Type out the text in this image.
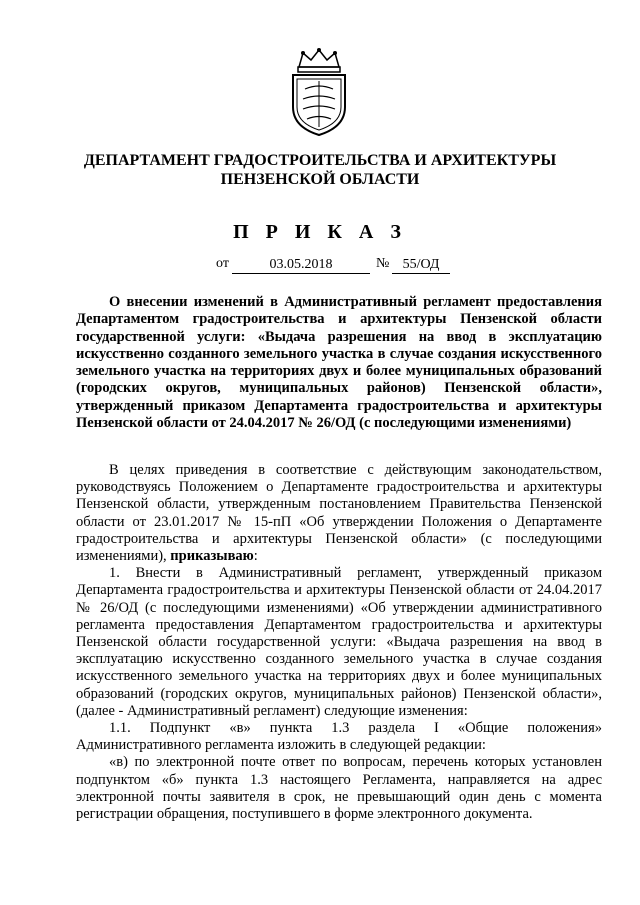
ДЕПАРТАМЕНТ ГРАДОСТРОИТЕЛЬСТВА И АРХИТЕКТУРЫ
ПЕНЗЕНСКОЙ ОБЛАСТИ
П Р И К А З
от	03.05.2018	№ 55/ОД
О внесении изменений в Административный регламент предоставления Департаментом градостроительства и архитектуры Пензенской области государственной услуги: «Выдача разрешения на ввод в эксплуатацию искусственно созданного земельного участка в случае создания искусственного земельного участка на территориях двух и более муниципальных образований (городских округов, муниципальных районов) Пензенской области», утвержденный приказом Департамента градостроительства и архитектуры Пензенской области от 24.04.2017 № 26/ОД (с последующими изменениями)

В целях приведения в соответствие с действующим законодательством, руководствуясь Положением о Департаменте градостроительства и архитектуры Пензенской области, утвержденным постановлением Правительства Пензенской области от 23.01.2017 № 15-пП «Об утверждении Положения о Департаменте градостроительства и архитектуры Пензенской области» (с последующими изменениями), приказываю:

1. Внести в Административный регламент, утвержденный приказом Департамента градостроительства и архитектуры Пензенской области от 24.04.2017 № 26/ОД (с последующими изменениями) «Об утверждении административного регламента предоставления Департаментом градостроительства и архитектуры Пензенской области государственной услуги: «Выдача разрешения на ввод в эксплуатацию искусственно созданного земельного участка в случае создания искусственного земельного участка на территориях двух и более муниципальных образований (городских округов, муниципальных районов) Пензенской области», (далее - Административный регламент) следующие изменения:

1.1. Подпункт «в» пункта 1.3 раздела I «Общие положения» Административного регламента изложить в следующей редакции:

«в) по электронной почте ответ по вопросам, перечень которых установлен подпунктом «б» пункта 1.3 настоящего Регламента, направляется на адрес электронной почты заявителя в срок, не превышающий один день с момента регистрации обращения, поступившего в форме электронного документа.
